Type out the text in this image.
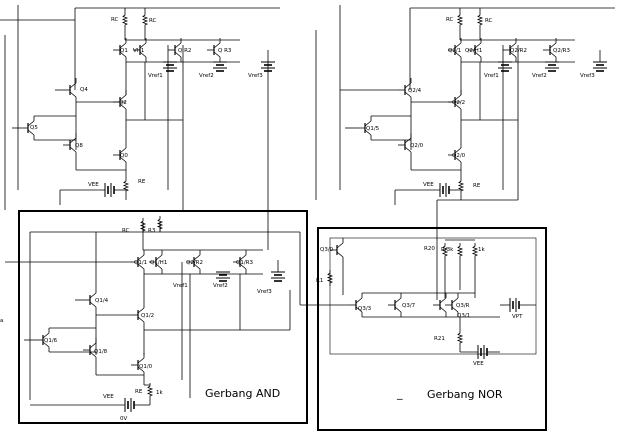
RC	RC
Q1 VH1	Q R2	Q R3
Vref1	Vref2	Vref3
Q4
Q2
Q5
Q8
Q0
RE
VEE
RC	RC
Q2/1 Q2/H1	Q2/R2	Q2/R3
Vref1	Vref2	Vref3
Q2/4
Q2/2
Q1/5
Q2/0
Q2/0
RE
VEE
RC	R3
Q1/1 Q1/H1	Q2/R2	Q1/R3
Vref1	Vref2
Vref3
Q1/4
Q1/2
Q1/6
Q1/8
Q1/0
RE 1k
VEE
0V
Gerbang AND
Q3/0
R1
R20 R/3k	1k
Q3/3	Q3/7	Q3/R
Q3/1	VPT
R21
VEE
Gerbang NOR
_
a
